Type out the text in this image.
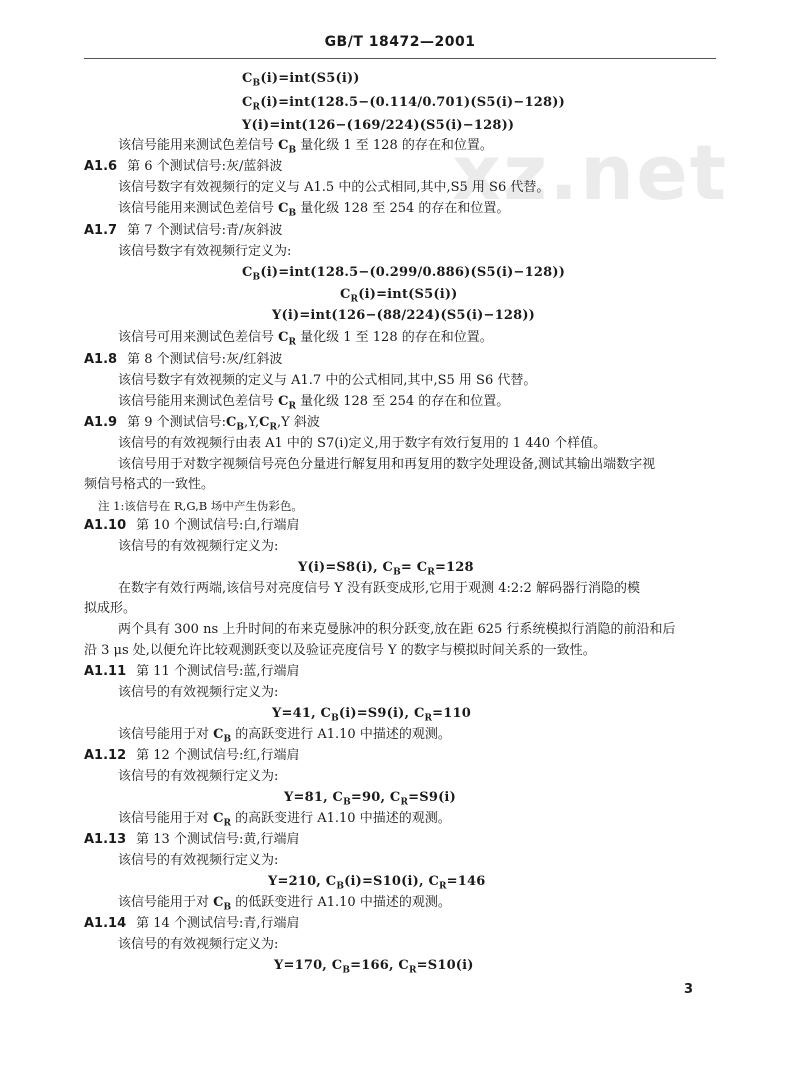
GB/T 18472—2001
xz.net
$C_B(i)=int(S5(i))$
$C_R(i)=int(128.5-(0.114/0.701)(S5(i)-128))$
Y(i)=int(126−(169/224)(S5(i)−128))
该信号能用来测试色差信号 $C_B$ 量化级 1 至 128 的存在和位置。
A1.6 第 6 个测试信号:灰/蓝斜波
该信号数字有效视频行的定义与 A1.5 中的公式相同,其中,S5 用 S6 代替。
该信号能用来测试色差信号 $C_B$ 量化级 128 至 254 的存在和位置。
A1.7 第 7 个测试信号:青/灰斜波
该信号数字有效视频行定义为:
$C_B(i)=int(128.5-(0.299/0.886)(S5(i)-128))$
$C_R(i)=int(S5(i))$
Y(i)=int(126−(88/224)(S5(i)−128))
该信号可用来测试色差信号 $C_R$ 量化级 1 至 128 的存在和位置。
A1.8 第 8 个测试信号:灰/红斜波
该信号数字有效视频的定义与 A1.7 中的公式相同,其中,S5 用 S6 代替。
该信号能用来测试色差信号 $C_R$ 量化级 128 至 254 的存在和位置。
A1.9 第 9 个测试信号$:C_B,Y,C_R,Y$ 斜波
该信号的有效视频行由表 A1 中的 S7(i)定义,用于数字有效行复用的 1 440 个样值。
该信号用于对数字视频信号亮色分量进行解复用和再复用的数字处理设备,测试其输出端数字视
频信号格式的一致性。
注 1:该信号在 R,G,B 场中产生伪彩色。
A1.10 第 10 个测试信号:白,行端肩
该信号的有效视频行定义为:
Y(i)=S8(i), $C_B= C_R=128$
在数字有效行两端,该信号对亮度信号 Y 没有跃变成形,它用于观测 4:2:2 解码器行消隐的模
拟成形。
两个具有 300 ns 上升时间的布来克曼脉冲的积分跃变,放在距 625 行系统模拟行消隐的前沿和后
沿 3 μs 处,以便允许比较观测跃变以及验证亮度信号 Y 的数字与模拟时间关系的一致性。
A1.11 第 11 个测试信号:蓝,行端肩
该信号的有效视频行定义为:
Y=41, $C_B(i)=S9(i)$, $C_R=110$
该信号能用于对 $C_B$ 的高跃变进行 A1.10 中描述的观测。
A1.12 第 12 个测试信号:红,行端肩
该信号的有效视频行定义为:
Y=81, $C_B=90$, $C_R=S9(i)$
该信号能用于对 $C_R$ 的高跃变进行 A1.10 中描述的观测。
A1.13 第 13 个测试信号:黄,行端肩
该信号的有效视频行定义为:
Y=210, $C_B(i)=S10(i)$, $C_R=146$
该信号能用于对 $C_B$ 的低跃变进行 A1.10 中描述的观测。
A1.14 第 14 个测试信号:青,行端肩
该信号的有效视频行定义为:
Y=170, $C_B=166$, $C_R=S10(i)$
3
